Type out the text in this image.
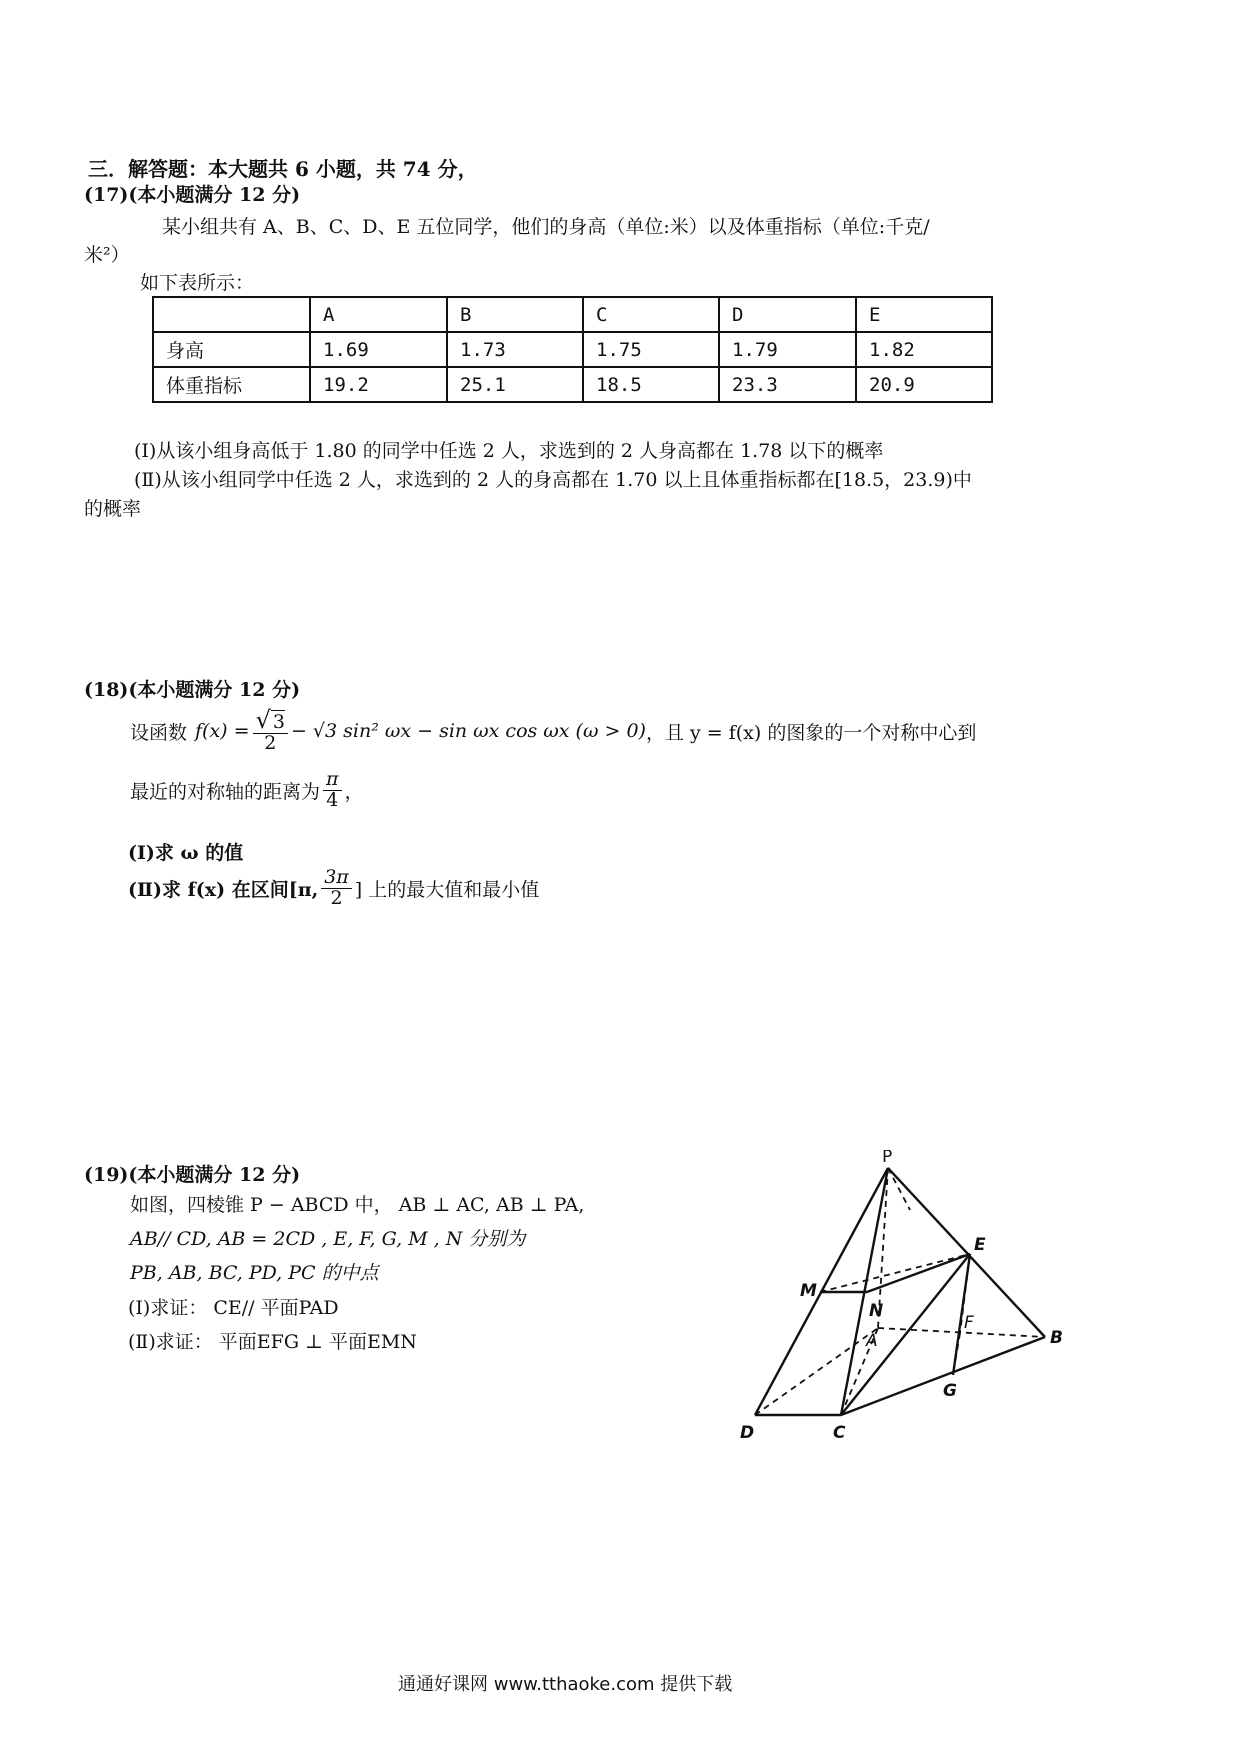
三．解答题：本大题共 6 小题，共 74 分，
(17)(本小题满分 12 分)
某小组共有 A、B、C、D、E 五位同学，他们的身高（单位:米）以及体重指标（单位:千克/
米²）
如下表所示：
	A	B	C	D	E
身高	1.69	1.73	1.75	1.79	1.82
体重指标	19.2	25.1	18.5	23.3	20.9
(Ⅰ)从该小组身高低于 1.80 的同学中任选 2 人，求选到的 2 人身高都在 1.78 以下的概率
(Ⅱ)从该小组同学中任选 2 人，求选到的 2 人的身高都在 1.70 以上且体重指标都在[18.5，23.9)中
的概率
(18)(本小题满分 12 分)
设函数 $f(x) = \frac{√ 3}{2} - √3$ sin² ωx − sin ωx cos ωx (ω > 0) ，且 y = f(x) 的图象的一个对称中心到
最近的对称轴的距离为 $\frac{\pi}{4}$ ，
(Ⅰ)求 ω 的值
(Ⅱ)求 f(x) 在区间[π, $\frac{3\pi}{2}$ ] 上的最大值和最小值
(19)(本小题满分 12 分)
如图，四棱锥 P − ABCD 中， AB ⊥ AC, AB ⊥ PA,
AB// CD, AB = 2CD , E, F, G, M , N 分别为
PB, AB, BC, PD, PC 的中点
(Ⅰ)求证： CE// 平面PAD
(Ⅱ)求证： 平面EFG ⊥ 平面EMN
P
E
M
N
A
F
B
G
D	C
通通好课网 www.tthaoke.com 提供下载
